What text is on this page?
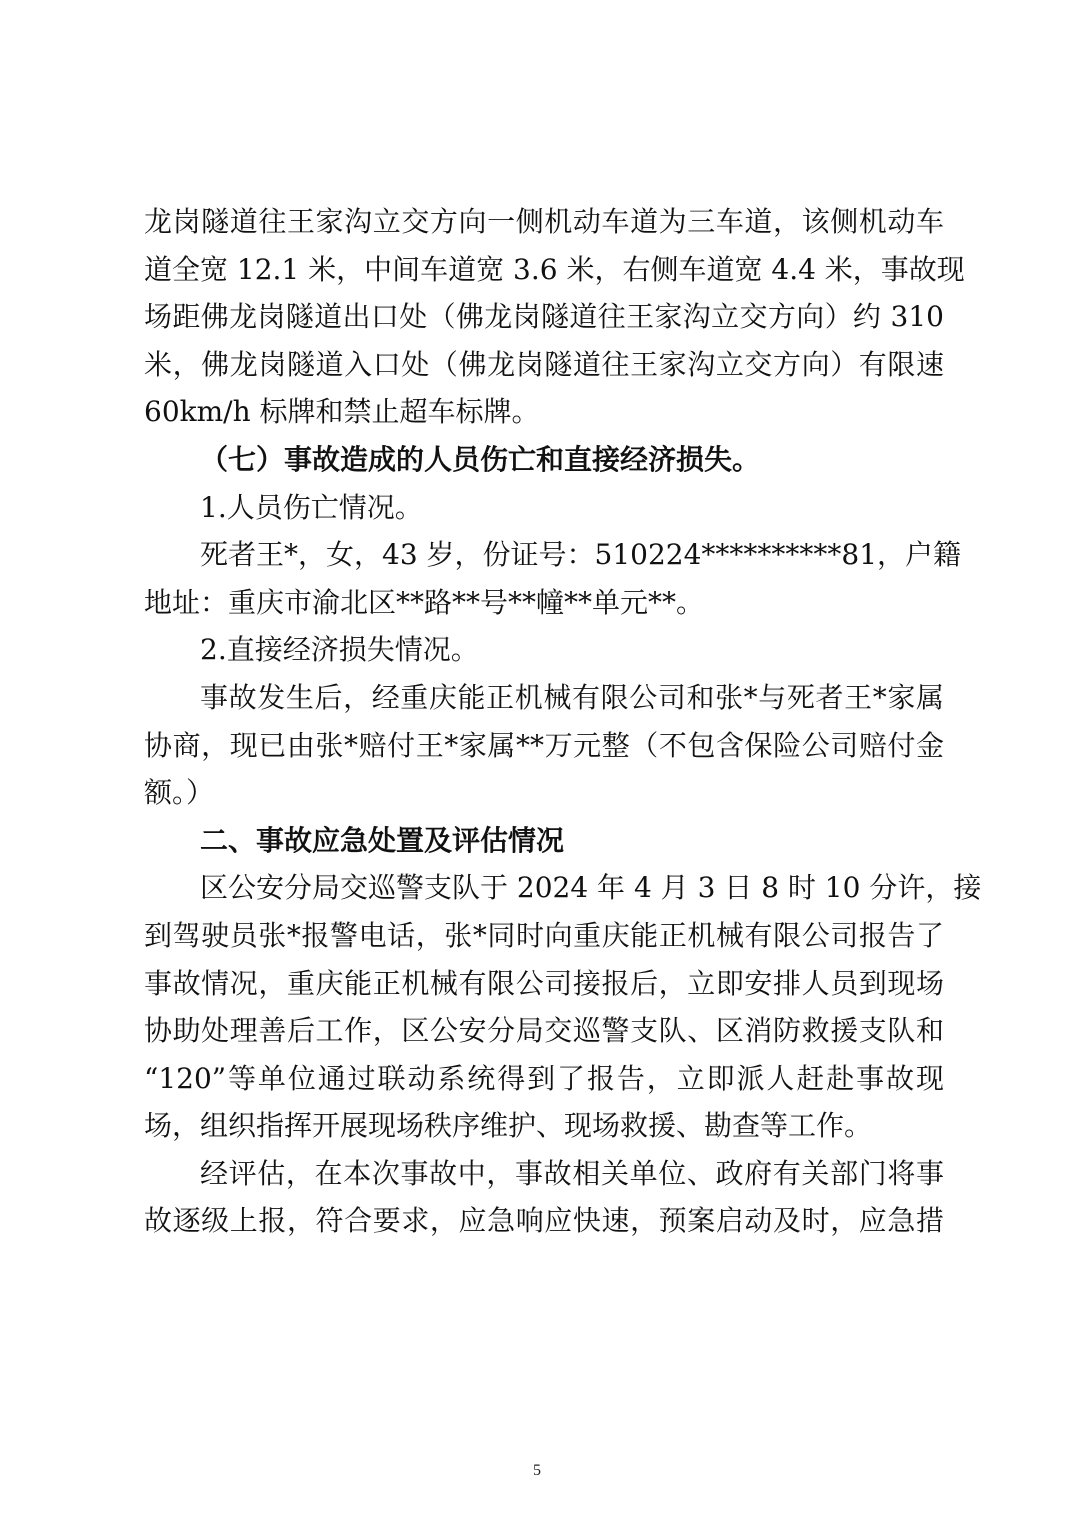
龙岗隧道往王家沟立交方向一侧机动车道为三车道，该侧机动车
道全宽 12.1 米，中间车道宽 3.6 米，右侧车道宽 4.4 米，事故现
场距佛龙岗隧道出口处（佛龙岗隧道往王家沟立交方向）约 310
米，佛龙岗隧道入口处（佛龙岗隧道往王家沟立交方向）有限速
60km/h 标牌和禁止超车标牌。
（七）事故造成的人员伤亡和直接经济损失。
1.人员伤亡情况。
死者王*，女，43 岁，份证号：510224**********81，户籍
地址：重庆市渝北区**路**号**幢**单元**。
2.直接经济损失情况。
事故发生后，经重庆能正机械有限公司和张*与死者王*家属
协商，现已由张*赔付王*家属**万元整（不包含保险公司赔付金
额。）
二、事故应急处置及评估情况
区公安分局交巡警支队于 2024 年 4 月 3 日 8 时 10 分许，接
到驾驶员张*报警电话，张*同时向重庆能正机械有限公司报告了
事故情况，重庆能正机械有限公司接报后，立即安排人员到现场
协助处理善后工作，区公安分局交巡警支队、区消防救援支队和
“120”等单位通过联动系统得到了报告，立即派人赶赴事故现
场，组织指挥开展现场秩序维护、现场救援、勘查等工作。
经评估，在本次事故中，事故相关单位、政府有关部门将事
故逐级上报，符合要求，应急响应快速，预案启动及时，应急措
5
